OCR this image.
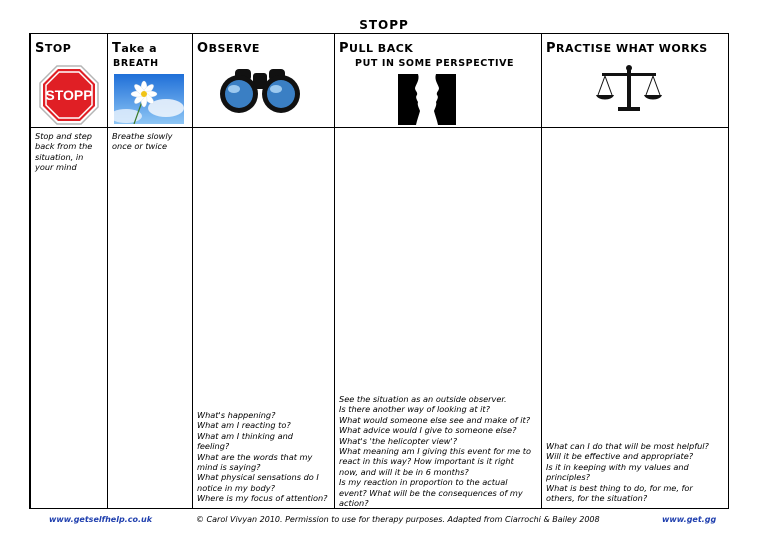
STOPP
STOP
STOPP
Stop and step
back from the
situation, in
your mind
Take a
BREATH
Breathe slowly
once or twice
OBSERVE
What's happening?
What am I reacting to?
What am I thinking and
feeling?
What are the words that my
mind is saying?
What physical sensations do I
notice in my body?
Where is my focus of attention?
PULL BACK
PUT IN SOME PERSPECTIVE
See the situation as an outside observer.
Is there another way of looking at it?
What would someone else see and make of it?
What advice would I give to someone else?
What's 'the helicopter view'?
What meaning am I giving this event for me to
react in this way? How important is it right
now, and will it be in 6 months?
Is my reaction in proportion to the actual
event? What will be the consequences of my
action?
PRACTISE WHAT WORKS
What can I do that will be most helpful?
Will it be effective and appropriate?
Is it in keeping with my values and
principles?
What is best thing to do, for me, for
others, for the situation?
www.getselfhelp.co.uk	© Carol Vivyan 2010. Permission to use for therapy purposes. Adapted from Ciarrochi & Bailey 2008	www.get.gg
